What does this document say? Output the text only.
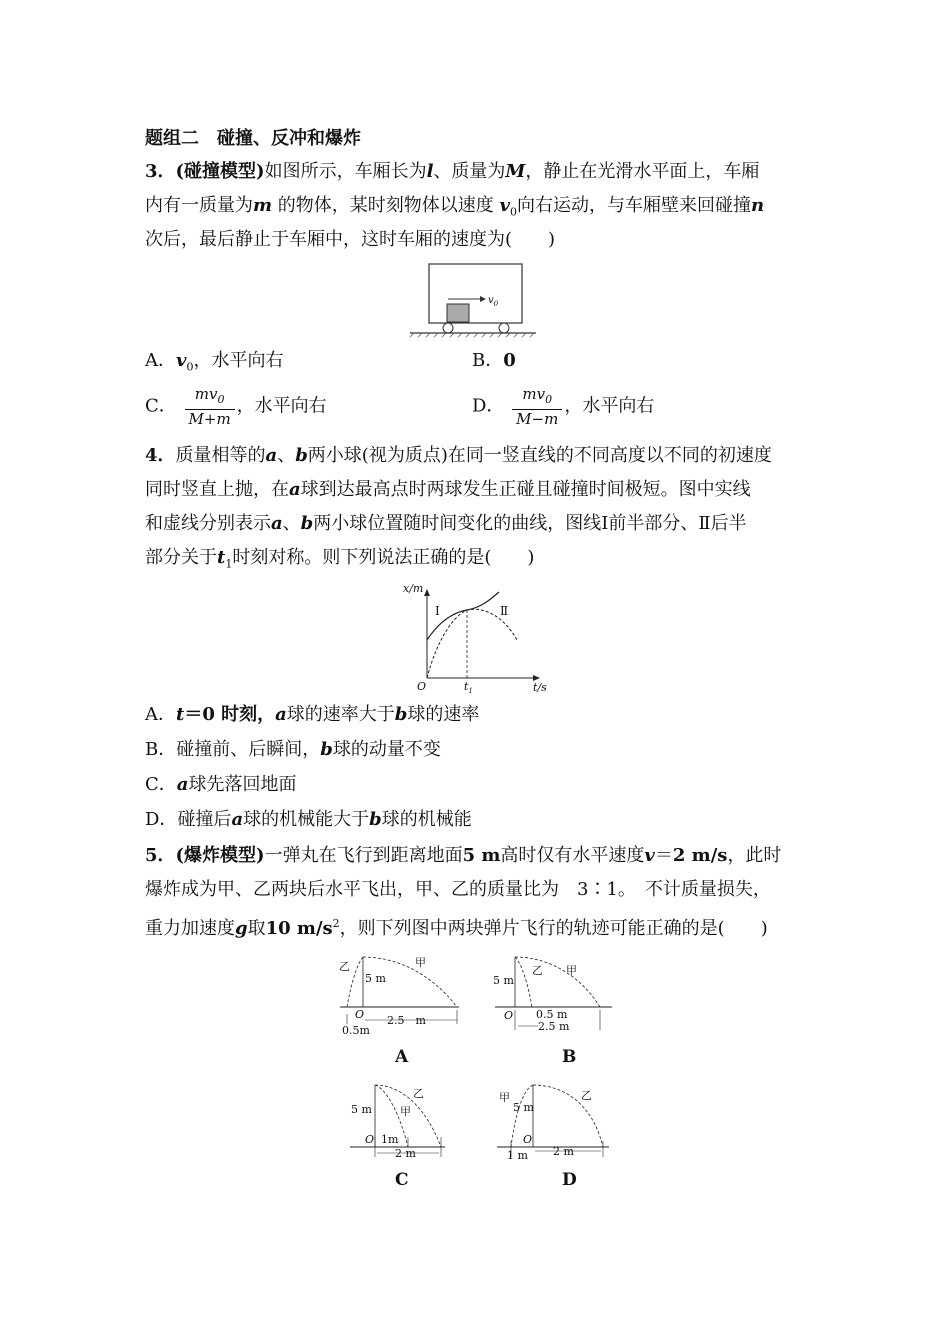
题组二　碰撞、反冲和爆炸
3．(碰撞模型)如图所示，车厢长为l、质量为M，静止在光滑水平面上，车厢
内有一质量为m 的物体，某时刻物体以速度 $v_0$向右运动，与车厢壁来回碰撞n
次后，最后静止于车厢中，这时车厢的速度为(　　)
$v_0$
A．$v_0$，水平向右	B．0
C． $\frac{mv_0}{M+m}$ ，水平向右	D． $\frac{mv_0}{M-m}$ ，水平向右
4．质量相等的a、b两小球(视为质点)在同一竖直线的不同高度以不同的初速度
同时竖直上抛，在a球到达最高点时两球发生正碰且碰撞时间极短。图中实线
和虚线分别表示a、b两小球位置随时间变化的曲线，图线Ⅰ前半部分、Ⅱ后半
部分关于$t_1$时刻对称。则下列说法正确的是(　　)
x/m
t/s
O	$t_1$
Ⅰ	Ⅱ
A．t＝0 时刻，a球的速率大于b球的速率
B．碰撞前、后瞬间，b球的动量不变
C．a球先落回地面
D．碰撞后a球的机械能大于b球的机械能
5．(爆炸模型)一弹丸在飞行到距离地面5 m高时仅有水平速度v＝2 m/s，此时
爆炸成为甲、乙两块后水平飞出，甲、乙的质量比为　3∶1。　不计质量损失，
重力加速度g取10 $m/s^2$，则下列图中两块弹片飞行的轨迹可能正确的是(　　)
乙	甲
5 m
O 2.5　m
0.5m
A
乙 甲
5 m
O 0.5 m
2.5 m
B
乙
甲
5 m
O 1m
2 m
C
乙
甲
5 m
O
2 m
1 m
D
